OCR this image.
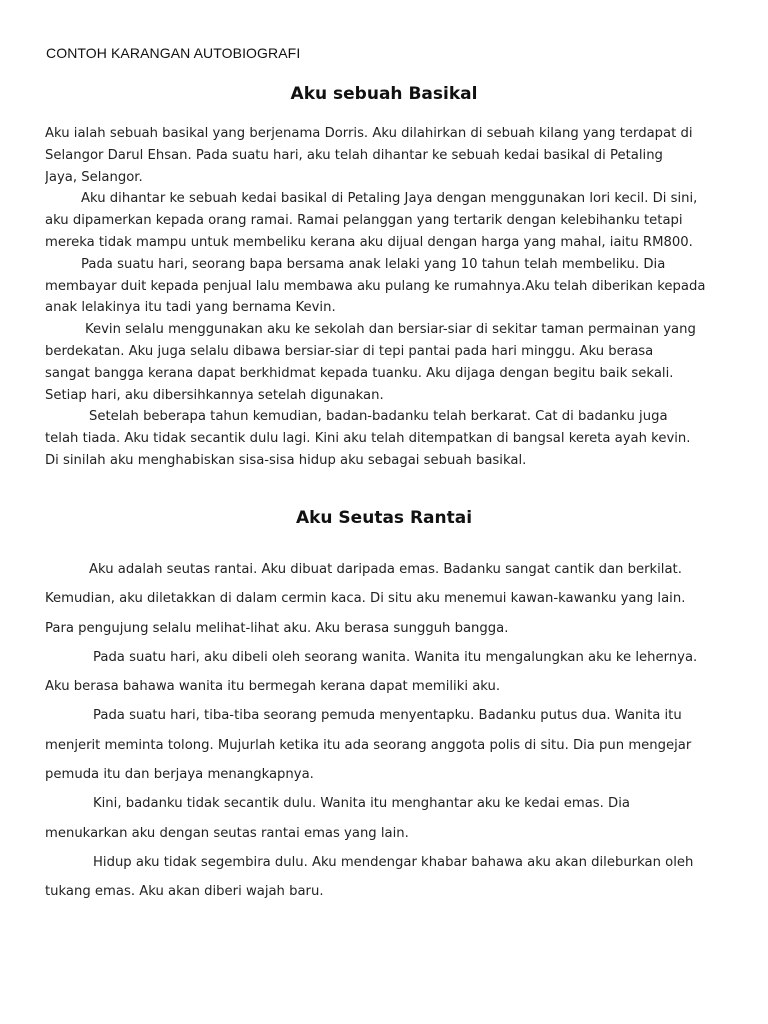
CONTOH KARANGAN AUTOBIOGRAFI
Aku sebuah Basikal
Aku ialah sebuah basikal yang berjenama Dorris. Aku dilahirkan di sebuah kilang yang terdapat di
Selangor Darul Ehsan. Pada suatu hari, aku telah dihantar ke sebuah kedai basikal di Petaling
Jaya, Selangor.
Aku dihantar ke sebuah kedai basikal di Petaling Jaya dengan menggunakan lori kecil. Di sini,
aku dipamerkan kepada orang ramai. Ramai pelanggan yang tertarik dengan kelebihanku tetapi
mereka tidak mampu untuk membeliku kerana aku dijual dengan harga yang mahal, iaitu RM800.
Pada suatu hari, seorang bapa bersama anak lelaki yang 10 tahun telah membeliku. Dia
membayar duit kepada penjual lalu membawa aku pulang ke rumahnya.Aku telah diberikan kepada
anak lelakinya itu tadi yang bernama Kevin.
Kevin selalu menggunakan aku ke sekolah dan bersiar-siar di sekitar taman permainan yang
berdekatan. Aku juga selalu dibawa bersiar-siar di tepi pantai pada hari minggu. Aku berasa
sangat bangga kerana dapat berkhidmat kepada tuanku. Aku dijaga dengan begitu baik sekali.
Setiap hari, aku dibersihkannya setelah digunakan.
Setelah beberapa tahun kemudian, badan-badanku telah berkarat. Cat di badanku juga
telah tiada. Aku tidak secantik dulu lagi. Kini aku telah ditempatkan di bangsal kereta ayah kevin.
Di sinilah aku menghabiskan sisa-sisa hidup aku sebagai sebuah basikal.
Aku Seutas Rantai
Aku adalah seutas rantai. Aku dibuat daripada emas. Badanku sangat cantik dan berkilat.
Kemudian, aku diletakkan di dalam cermin kaca. Di situ aku menemui kawan-kawanku yang lain.
Para pengujung selalu melihat-lihat aku. Aku berasa sungguh bangga.
Pada suatu hari, aku dibeli oleh seorang wanita. Wanita itu mengalungkan aku ke lehernya.
Aku berasa bahawa wanita itu bermegah kerana dapat memiliki aku.
Pada suatu hari, tiba-tiba seorang pemuda menyentapku. Badanku putus dua. Wanita itu
menjerit meminta tolong. Mujurlah ketika itu ada seorang anggota polis di situ. Dia pun mengejar
pemuda itu dan berjaya menangkapnya.
Kini, badanku tidak secantik dulu. Wanita itu menghantar aku ke kedai emas. Dia
menukarkan aku dengan seutas rantai emas yang lain.
Hidup aku tidak segembira dulu. Aku mendengar khabar bahawa aku akan dileburkan oleh
tukang emas. Aku akan diberi wajah baru.
